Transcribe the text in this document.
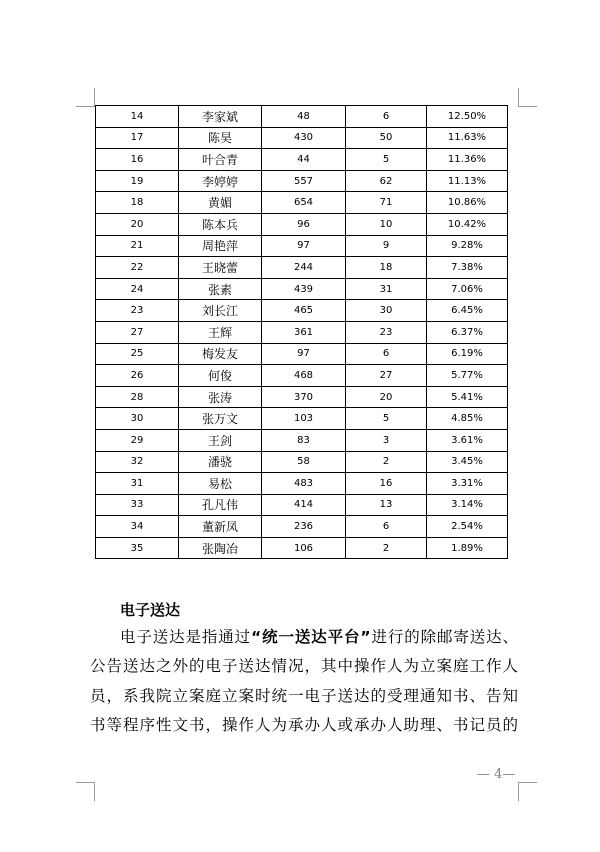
14	李家斌	48	6	12.50%
17	陈昊	430	50	11.63%
16	叶合青	44	5	11.36%
19	李婷婷	557	62	11.13%
18	黄媚	654	71	10.86%
20	陈本兵	96	10	10.42%
21	周艳萍	97	9	9.28%
22	王晓蕾	244	18	7.38%
24	张素	439	31	7.06%
23	刘长江	465	30	6.45%
27	王辉	361	23	6.37%
25	梅发友	97	6	6.19%
26	何俊	468	27	5.77%
28	张涛	370	20	5.41%
30	张万文	103	5	4.85%
29	王剑	83	3	3.61%
32	潘骁	58	2	3.45%
31	易松	483	16	3.31%
33	孔凡伟	414	13	3.14%
34	董新凤	236	6	2.54%
35	张陶冶	106	2	1.89%
电子送达
电子送达是指通过“统一送达平台”进行的除邮寄送达、
公告送达之外的电子送达情况，其中操作人为立案庭工作人
员，系我院立案庭立案时统一电子送达的受理通知书、告知
书等程序性文书，操作人为承办人或承办人助理、书记员的
— 4—
